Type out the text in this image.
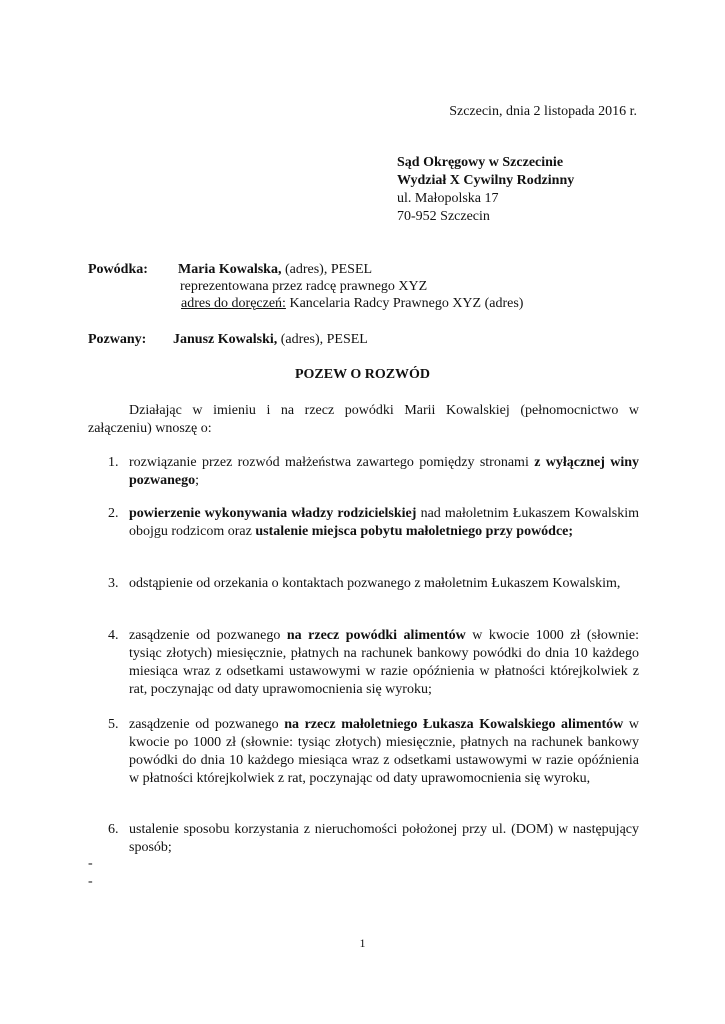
Szczecin, dnia 2 listopada 2016 r.
Sąd Okręgowy w Szczecinie
Wydział X Cywilny Rodzinny
ul. Małopolska 17
70-952 Szczecin
Powódka: Maria Kowalska, (adres), PESEL
reprezentowana przez radcę prawnego XYZ
adres do doręczeń: Kancelaria Radcy Prawnego XYZ (adres)
Pozwany: Janusz Kowalski, (adres), PESEL
POZEW O ROZWÓD
Działając w imieniu i na rzecz powódki Marii Kowalskiej (pełnomocnictwo w
załączeniu) wnoszę o:
1. rozwiązanie przez rozwód małżeństwa zawartego pomiędzy stronami z wyłącznej winy pozwanego;
2. powierzenie wykonywania władzy rodzicielskiej nad małoletnim Łukaszem Kowalskim obojgu rodzicom oraz ustalenie miejsca pobytu małoletniego przy powódce;
3. odstąpienie od orzekania o kontaktach pozwanego z małoletnim Łukaszem Kowalskim,
4. zasądzenie od pozwanego na rzecz powódki alimentów w kwocie 1000 zł (słownie: tysiąc złotych) miesięcznie, płatnych na rachunek bankowy powódki do dnia 10 każdego miesiąca wraz z odsetkami ustawowymi w razie opóźnienia w płatności którejkolwiek z rat, poczynając od daty uprawomocnienia się wyroku;
5. zasądzenie od pozwanego na rzecz małoletniego Łukasza Kowalskiego alimentów w kwocie po 1000 zł (słownie: tysiąc złotych) miesięcznie, płatnych na rachunek bankowy powódki do dnia 10 każdego miesiąca wraz z odsetkami ustawowymi w razie opóźnienia w płatności którejkolwiek z rat, poczynając od daty uprawomocnienia się wyroku,
6. ustalenie sposobu korzystania z nieruchomości położonej przy ul. (DOM) w następujący sposób;
-
-
1
